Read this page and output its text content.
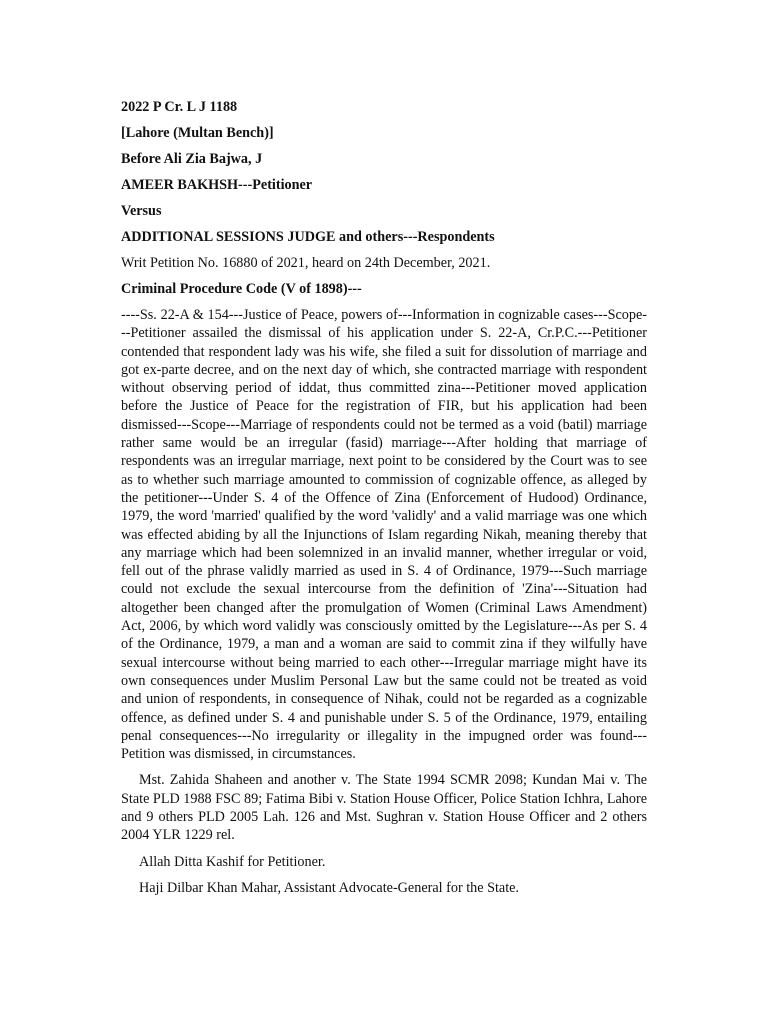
2022 P Cr. L J 1188
[Lahore (Multan Bench)]
Before Ali Zia Bajwa, J
AMEER BAKHSH---Petitioner
Versus
ADDITIONAL SESSIONS JUDGE and others---Respondents
Writ Petition No. 16880 of 2021, heard on 24th December, 2021.
Criminal Procedure Code (V of 1898)---

----Ss. 22-A & 154---Justice of Peace, powers of---Information in cognizable cases---Scope---Petitioner assailed the dismissal of his application under S. 22-A, Cr.P.C.---Petitioner contended that respondent lady was his wife, she filed a suit for dissolution of marriage and got ex-parte decree, and on the next day of which, she contracted marriage with respondent without observing period of iddat, thus committed zina---Petitioner moved application before the Justice of Peace for the registration of FIR, but his application had been dismissed---Scope---Marriage of respondents could not be termed as a void (batil) marriage rather same would be an irregular (fasid) marriage---After holding that marriage of respondents was an irregular marriage, next point to be considered by the Court was to see as to whether such marriage amounted to commission of cognizable offence, as alleged by the petitioner---Under S. 4 of the Offence of Zina (Enforcement of Hudood) Ordinance, 1979, the word 'married' qualified by the word 'validly' and a valid marriage was one which was effected abiding by all the Injunctions of Islam regarding Nikah, meaning thereby that any marriage which had been solemnized in an invalid manner, whether irregular or void, fell out of the phrase validly married as used in S. 4 of Ordinance, 1979---Such marriage could not exclude the sexual intercourse from the definition of 'Zina'---Situation had altogether been changed after the promulgation of Women (Criminal Laws Amendment) Act, 2006, by which word validly was consciously omitted by the Legislature---As per S. 4 of the Ordinance, 1979, a man and a woman are said to commit zina if they wilfully have sexual intercourse without being married to each other---Irregular marriage might have its own consequences under Muslim Personal Law but the same could not be treated as void and union of respondents, in consequence of Nihak, could not be regarded as a cognizable offence, as defined under S. 4 and punishable under S. 5 of the Ordinance, 1979, entailing penal consequences---No irregularity or illegality in the impugned order was found---Petition was dismissed, in circumstances.

Mst. Zahida Shaheen and another v. The State 1994 SCMR 2098; Kundan Mai v. The State PLD 1988 FSC 89; Fatima Bibi v. Station House Officer, Police Station Ichhra, Lahore and 9 others PLD 2005 Lah. 126 and Mst. Sughran v. Station House Officer and 2 others 2004 YLR 1229 rel.

Allah Ditta Kashif for Petitioner.

Haji Dilbar Khan Mahar, Assistant Advocate-General for the State.
